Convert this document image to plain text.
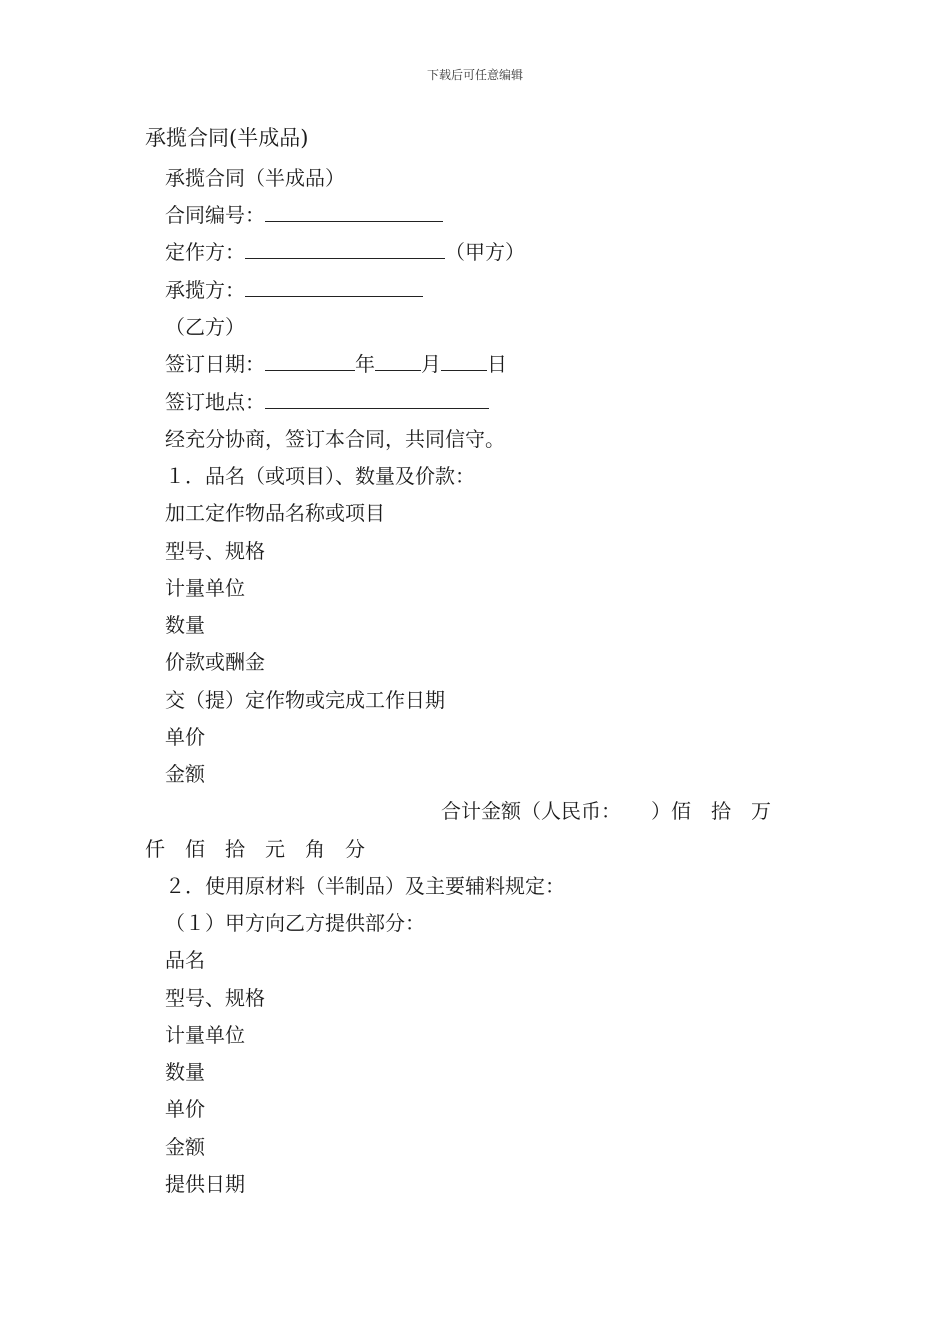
下载后可任意编辑
承揽合同(半成品)
承揽合同（半成品）
合同编号：
定作方：	（甲方）
承揽方：
（乙方）
签订日期：	年 月 日
签订地点：
经充分协商，签订本合同，共同信守。
１．品名（或项目）、数量及价款：
加工定作物品名称或项目
型号、规格
计量单位
数量
价款或酬金
交（提）定作物或完成工作日期
单价
金额
合计金额（人民币：　　）佰　拾　万
仟　佰　拾　元　角　分
２．使用原材料（半制品）及主要辅料规定：
（１）甲方向乙方提供部分：
品名
型号、规格
计量单位
数量
单价
金额
提供日期
